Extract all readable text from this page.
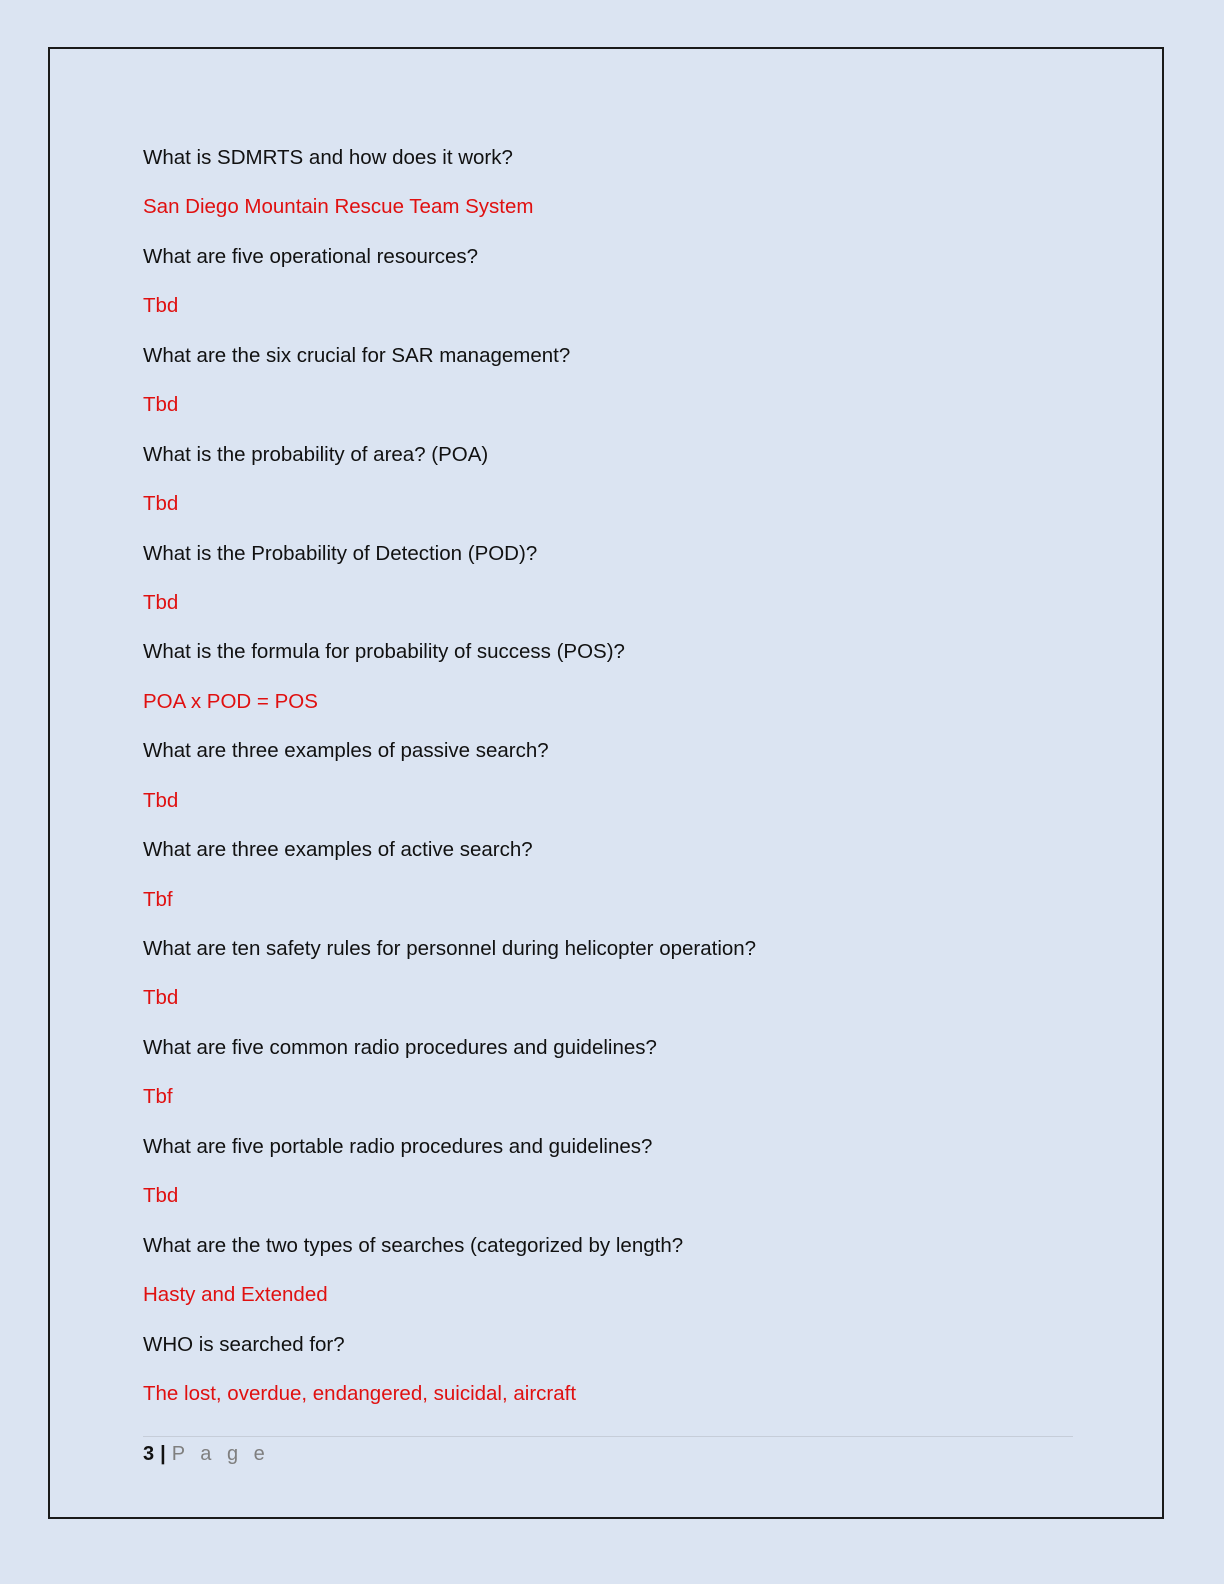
What is SDMRTS and how does it work?

San Diego Mountain Rescue Team System

What are five operational resources?

Tbd

What are the six crucial for SAR management?

Tbd

What is the probability of area? (POA)

Tbd

What is the Probability of Detection (POD)?

Tbd

What is the formula for probability of success (POS)?

POA x POD = POS

What are three examples of passive search?

Tbd

What are three examples of active search?

Tbf

What are ten safety rules for personnel during helicopter operation?

Tbd

What are five common radio procedures and guidelines?

Tbf

What are five portable radio procedures and guidelines?

Tbd

What are the two types of searches (categorized by length?

Hasty and Extended

WHO is searched for?

The lost, overdue, endangered, suicidal, aircraft

3 | P a g e
